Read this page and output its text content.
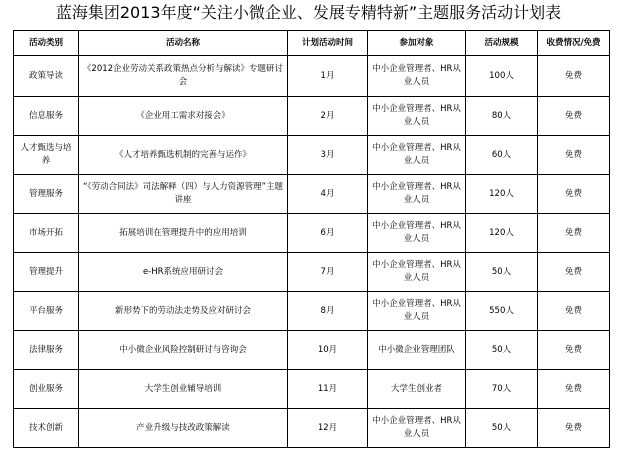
蓝海集团2013年度“关注小微企业、发展专精特新”主题服务活动计划表
活动类别	活动名称	计划活动时间	参加对象	活动规模	收费情况/免费
政策导读	《2012企业劳动关系政策热点分析与解读》专题研讨会	1月	中小企业管理者、HR从业人员	100人	免费
信息服务	《企业用工需求对接会》	2月	中小企业管理者、HR从业人员	80人	免费
人才甄选与培养	《人才培养甄选机制的完善与运作》	3月	中小企业管理者、HR从业人员	60人	免费
管理服务	“《劳动合同法》司法解释（四）与人力资源管理”主题讲座	4月	中小企业管理者、HR从业人员	120人	免费
市场开拓	拓展培训在管理提升中的应用培训	6月	中小企业管理者、HR从业人员	120人	免费
管理提升	e-HR系统应用研讨会	7月	中小企业管理者、HR从业人员	50人	免费
平台服务	新形势下的劳动法走势及应对研讨会	8月	中小企业管理者、HR从业人员	550人	免费
法律服务	中小微企业风险控制研讨与咨询会	10月	中小微企业管理团队	50人	免费
创业服务	大学生创业辅导培训	11月	大学生创业者	70人	免费
技术创新	产业升级与技改政策解读	12月	中小企业管理者、HR从业人员	50人	免费
